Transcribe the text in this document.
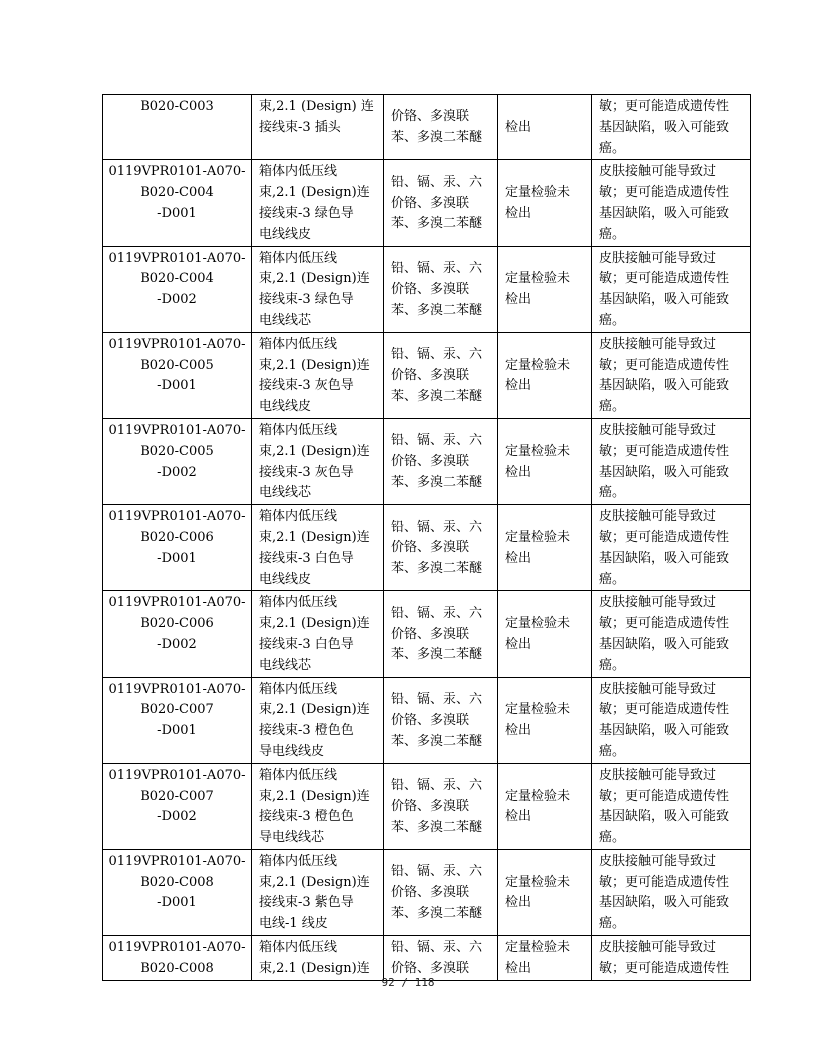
B020-C003	束,2.1 (Design) 连
接线束-3 插头	价铬、多溴联
苯、多溴二苯醚	检出	敏；更可能造成遗传性
基因缺陷，吸入可能致
癌。

0119VPR0101-A070-
B020-C004
-D001	箱体内低压线
束,2.1 (Design)连
接线束-3 绿色导
电线线皮	铅、镉、汞、六
价铬、多溴联
苯、多溴二苯醚	定量检验未
检出	皮肤接触可能导致过
敏；更可能造成遗传性
基因缺陷，吸入可能致
癌。

0119VPR0101-A070-
B020-C004
-D002	箱体内低压线
束,2.1 (Design)连
接线束-3 绿色导
电线线芯	铅、镉、汞、六
价铬、多溴联
苯、多溴二苯醚	定量检验未
检出	皮肤接触可能导致过
敏；更可能造成遗传性
基因缺陷，吸入可能致
癌。

0119VPR0101-A070-
B020-C005
-D001	箱体内低压线
束,2.1 (Design)连
接线束-3 灰色导
电线线皮	铅、镉、汞、六
价铬、多溴联
苯、多溴二苯醚	定量检验未
检出	皮肤接触可能导致过
敏；更可能造成遗传性
基因缺陷，吸入可能致
癌。

0119VPR0101-A070-
B020-C005
-D002	箱体内低压线
束,2.1 (Design)连
接线束-3 灰色导
电线线芯	铅、镉、汞、六
价铬、多溴联
苯、多溴二苯醚	定量检验未
检出	皮肤接触可能导致过
敏；更可能造成遗传性
基因缺陷，吸入可能致
癌。

0119VPR0101-A070-
B020-C006
-D001	箱体内低压线
束,2.1 (Design)连
接线束-3 白色导
电线线皮	铅、镉、汞、六
价铬、多溴联
苯、多溴二苯醚	定量检验未
检出	皮肤接触可能导致过
敏；更可能造成遗传性
基因缺陷，吸入可能致
癌。

0119VPR0101-A070-
B020-C006
-D002	箱体内低压线
束,2.1 (Design)连
接线束-3 白色导
电线线芯	铅、镉、汞、六
价铬、多溴联
苯、多溴二苯醚	定量检验未
检出	皮肤接触可能导致过
敏；更可能造成遗传性
基因缺陷，吸入可能致
癌。

0119VPR0101-A070-
B020-C007
-D001	箱体内低压线
束,2.1 (Design)连
接线束-3 橙色色
导电线线皮	铅、镉、汞、六
价铬、多溴联
苯、多溴二苯醚	定量检验未
检出	皮肤接触可能导致过
敏；更可能造成遗传性
基因缺陷，吸入可能致
癌。

0119VPR0101-A070-
B020-C007
-D002	箱体内低压线
束,2.1 (Design)连
接线束-3 橙色色
导电线线芯	铅、镉、汞、六
价铬、多溴联
苯、多溴二苯醚	定量检验未
检出	皮肤接触可能导致过
敏；更可能造成遗传性
基因缺陷，吸入可能致
癌。

0119VPR0101-A070-
B020-C008
-D001	箱体内低压线
束,2.1 (Design)连
接线束-3 紫色导
电线-1 线皮	铅、镉、汞、六
价铬、多溴联
苯、多溴二苯醚	定量检验未
检出	皮肤接触可能导致过
敏；更可能造成遗传性
基因缺陷，吸入可能致
癌。

0119VPR0101-A070-
B020-C008	箱体内低压线
束,2.1 (Design)连	铅、镉、汞、六
价铬、多溴联	定量检验未
检出	皮肤接触可能导致过
敏；更可能造成遗传性
92 / 118
